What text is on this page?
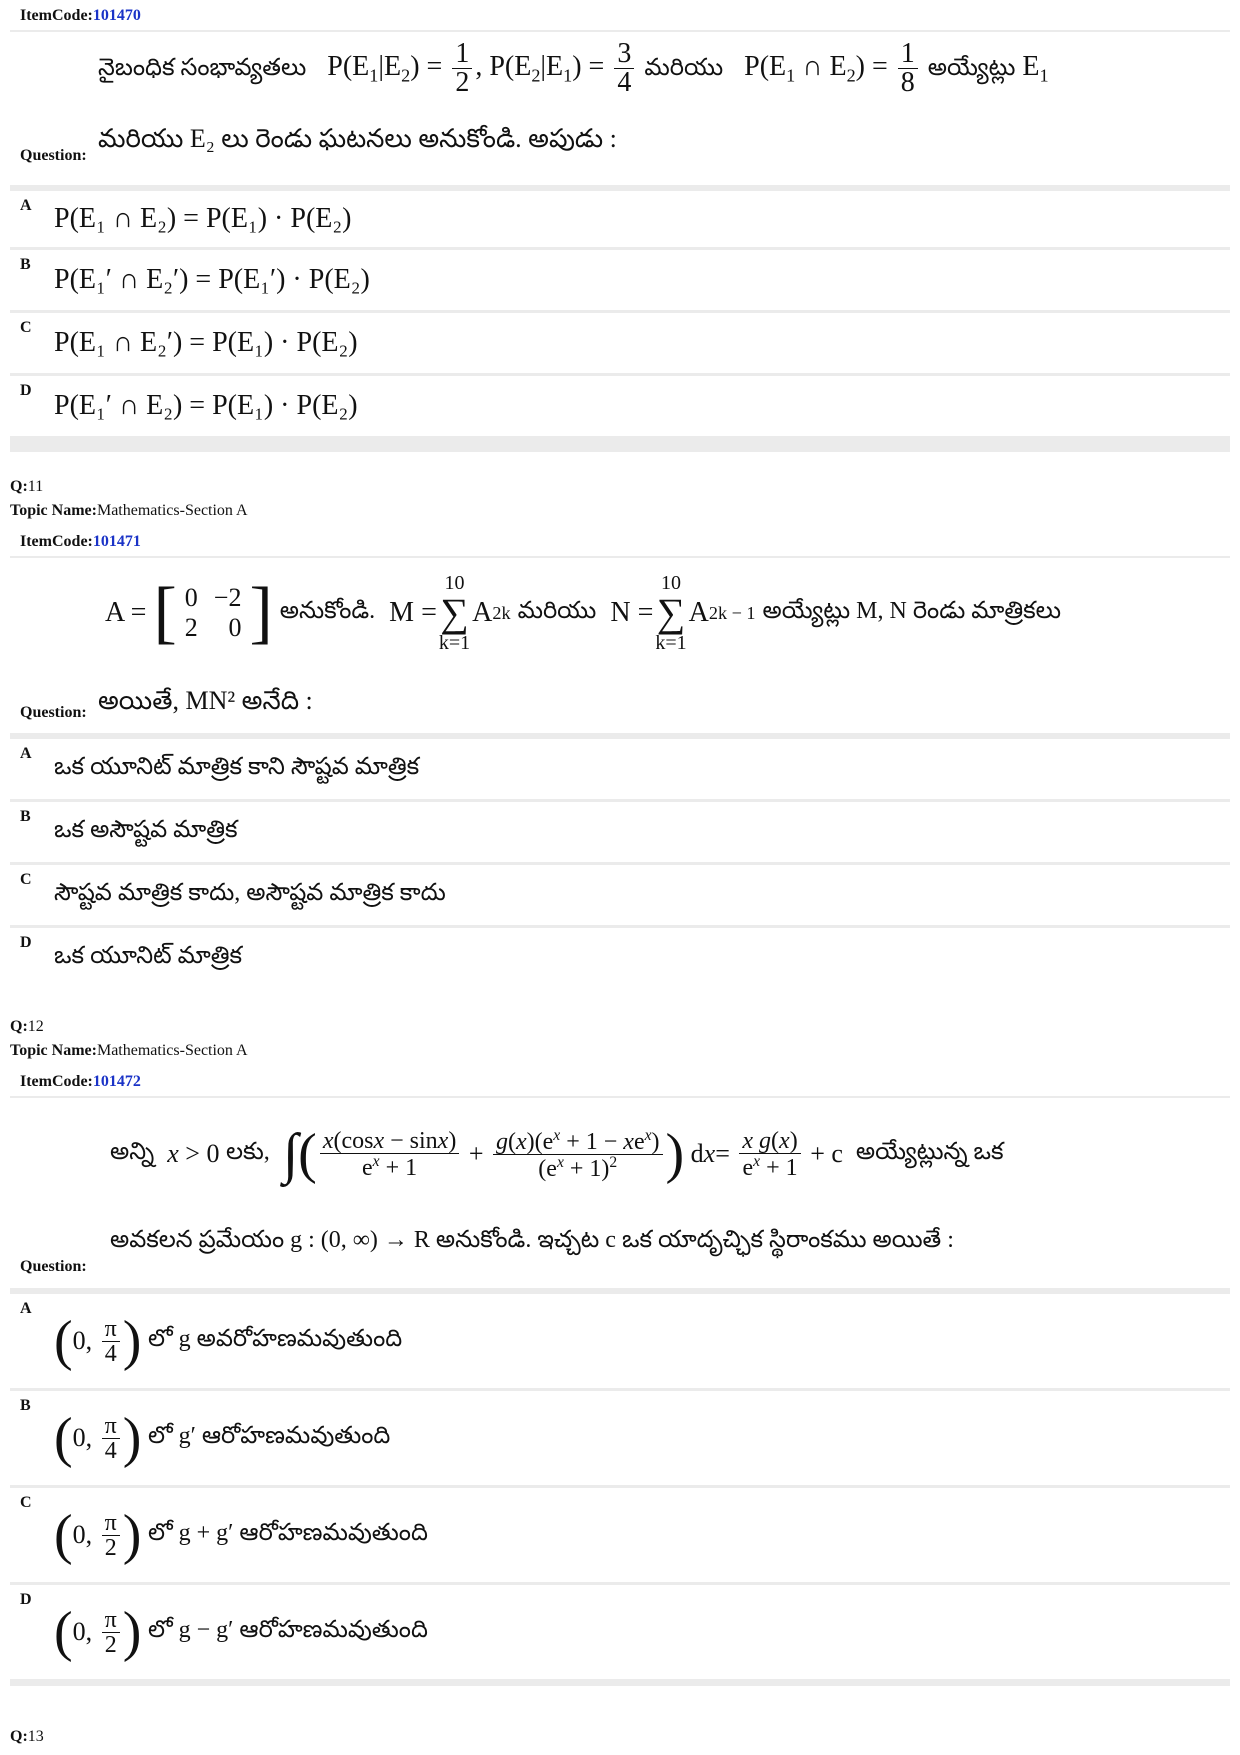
ItemCode:101470
నైబంధిక సంభావ్యతలు   $P(E_1|E_2) = \frac{1}{2}$ , $P(E_2|E_1) = \frac{3}{4}$ మరియు   $P(E_1$ ∩ $E_2) = \frac{1}{8}$ అయ్యేట్లు $E_1$
మరియు E₂ లు రెండు ఘటనలు అనుకోండి. అపుడు :
Question:
A P(E₁ ∩ E₂) = P(E₁) · P(E₂)
B P(E₁′ ∩ E₂′) = P(E₁′) · P(E₂)
C P(E₁ ∩ E₂′) = P(E₁) · P(E₂)
D P(E₁′ ∩ E₂) = P(E₁) · P(E₂)
Q:11
Topic Name:Mathematics-Section A
ItemCode:101471
A = [ 0	−2
2	0 ]
అనుకోండి. M =
10
∑
k=1
A 2k
మరియు N =
10
∑
k=1
A 2k − 1
అయ్యేట్లు M, N రెండు మాత్రికలు
అయితే, MN² అనేది :
Question:
A ఒక యూనిట్ మాత్రిక కాని సౌష్టవ మాత్రిక
B ఒక అసౌష్టవ మాత్రిక
C సౌష్టవ మాత్రిక కాదు, అసౌష్టవ మాత్రిక కాదు
D ఒక యూనిట్ మాత్రిక
Q:12
Topic Name:Mathematics-Section A
ItemCode:101472
అన్ని
x > 0 లకు,
∫ ( $\frac{x(\cos x - \sin x)}{e^x + 1} + \frac{g(x)(e^x + 1 - xe^x)}{(e^x + 1)^2}$ ) d $x = \frac{\text{x g(x)}}{e^x + 1} + c$ అయ్యేట్లున్న ఒక
అవకలన ప్రమేయం g : (0, ∞) → R అనుకోండి. ఇచ్చట c ఒక యాదృచ్ఛిక స్థిరాంకము అయితే :
Question:
A
( 0, $\frac{\pi}{4}$ )
లో g అవరోహణమవుతుంది
B
( 0, $\frac{\pi}{4}$ )
లో g′ ఆరోహణమవుతుంది
C
( 0, $\frac{\pi}{2}$ )
లో g + g′ ఆరోహణమవుతుంది
D
( 0, $\frac{\pi}{2}$ )
లో g − g′ ఆరోహణమవుతుంది
Q:13
